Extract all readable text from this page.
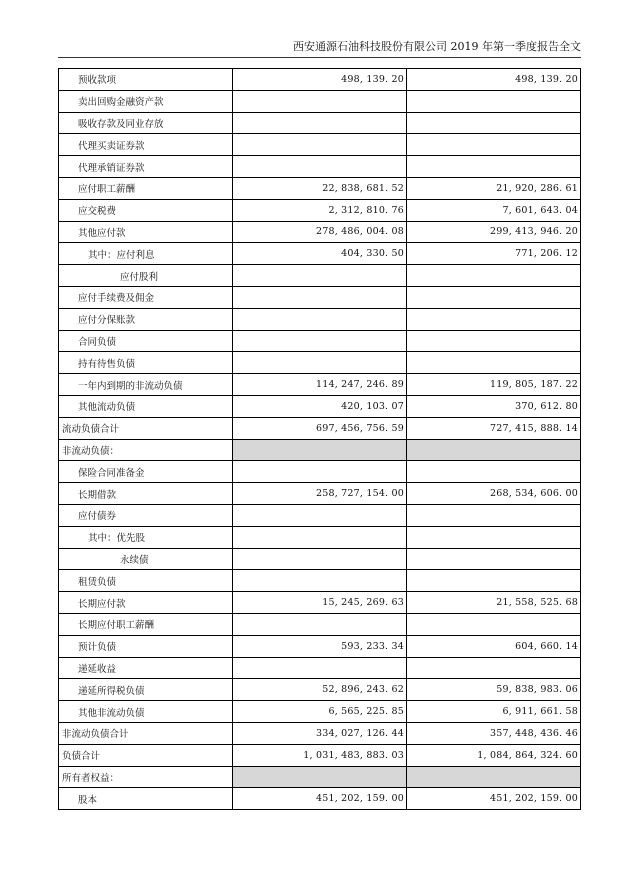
西安通源石油科技股份有限公司 2019 年第一季度报告全文
预收款项	498, 139. 20	498, 139. 20
卖出回购金融资产款		
吸收存款及同业存放		
代理买卖证券款		
代理承销证券款		
应付职工薪酬	22, 838, 681. 52	21, 920, 286. 61
应交税费	2, 312, 810. 76	7, 601, 643. 04
其他应付款	278, 486, 004. 08	299, 413, 946. 20
其中：应付利息	404, 330. 50	771, 206. 12
应付股利		
应付手续费及佣金		
应付分保账款		
合同负债		
持有待售负债		
一年内到期的非流动负债	114, 247, 246. 89	119, 805, 187. 22
其他流动负债	420, 103. 07	370, 612. 80
流动负债合计	697, 456, 756. 59	727, 415, 888. 14
非流动负债：		
保险合同准备金		
长期借款	258, 727, 154. 00	268, 534, 606. 00
应付债券		
其中：优先股		
永续债		
租赁负债		
长期应付款	15, 245, 269. 63	21, 558, 525. 68
长期应付职工薪酬		
预计负债	593, 233. 34	604, 660. 14
递延收益		
递延所得税负债	52, 896, 243. 62	59, 838, 983. 06
其他非流动负债	6, 565, 225. 85	6, 911, 661. 58
非流动负债合计	334, 027, 126. 44	357, 448, 436. 46
负债合计	1, 031, 483, 883. 03	1, 084, 864, 324. 60
所有者权益：		
股本	451, 202, 159. 00	451, 202, 159. 00
